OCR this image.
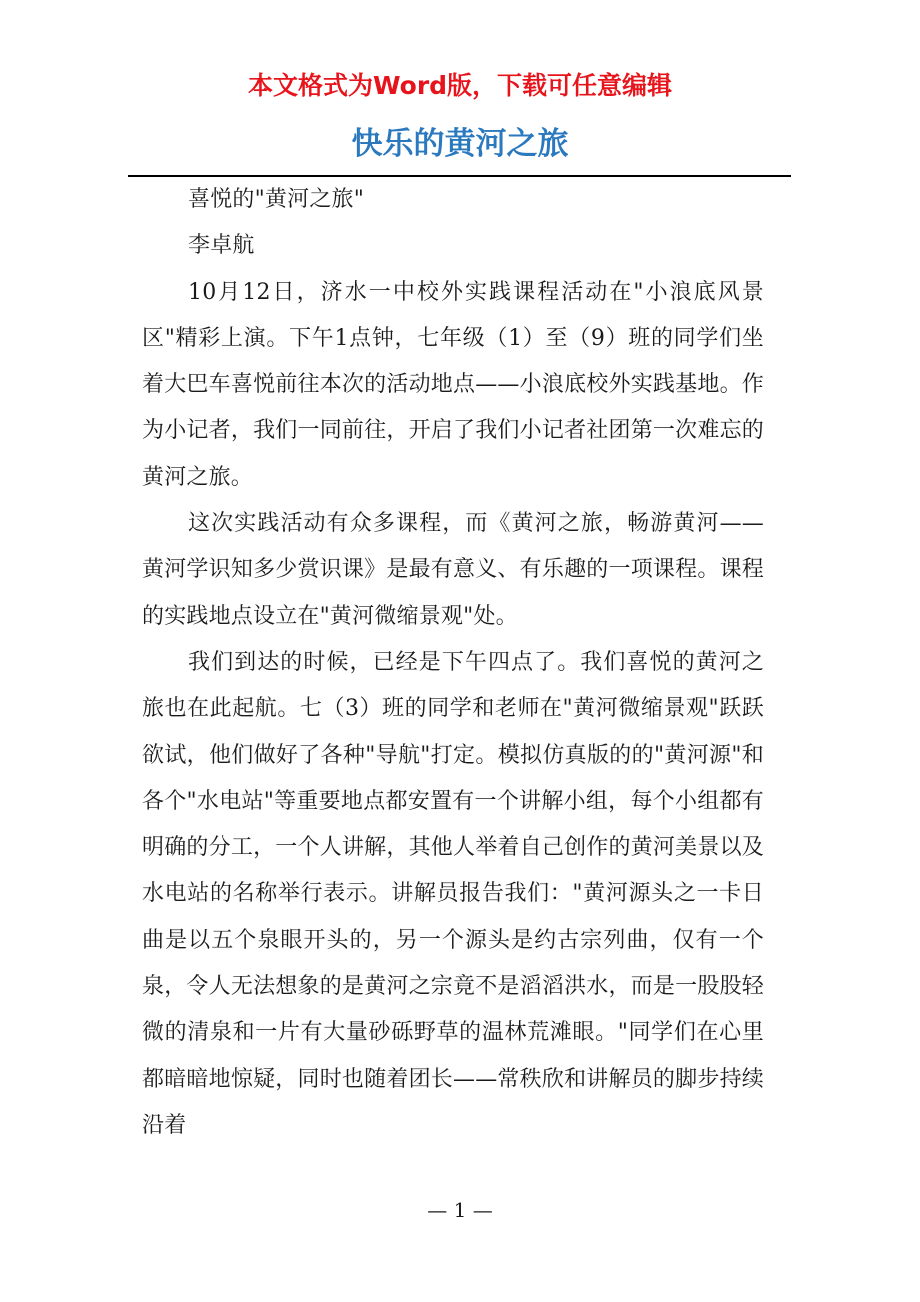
本文格式为Word版，下载可任意编辑
快乐的黄河之旅

喜悦的"黄河之旅"

李卓航

10月12日，济水一中校外实践课程活动在"小浪底风景区"精彩上演。下午1点钟，七年级（1）至（9）班的同学们坐着大巴车喜悦前往本次的活动地点——小浪底校外实践基地。作为小记者，我们一同前往，开启了我们小记者社团第一次难忘的黄河之旅。

这次实践活动有众多课程，而《黄河之旅，畅游黄河——黄河学识知多少赏识课》是最有意义、有乐趣的一项课程。课程的实践地点设立在"黄河微缩景观"处。

我们到达的时候，已经是下午四点了。我们喜悦的黄河之旅也在此起航。七（3）班的同学和老师在"黄河微缩景观"跃跃欲试，他们做好了各种"导航"打定。模拟仿真版的的"黄河源"和各个"水电站"等重要地点都安置有一个讲解小组，每个小组都有明确的分工，一个人讲解，其他人举着自己创作的黄河美景以及水电站的名称举行表示。讲解员报告我们："黄河源头之一卡日曲是以五个泉眼开头的，另一个源头是约古宗列曲，仅有一个泉，令人无法想象的是黄河之宗竟不是滔滔洪水，而是一股股轻微的清泉和一片有大量砂砾野草的温林荒滩眼。"同学们在心里都暗暗地惊疑，同时也随着团长——常秩欣和讲解员的脚步持续沿着

— 1 —
